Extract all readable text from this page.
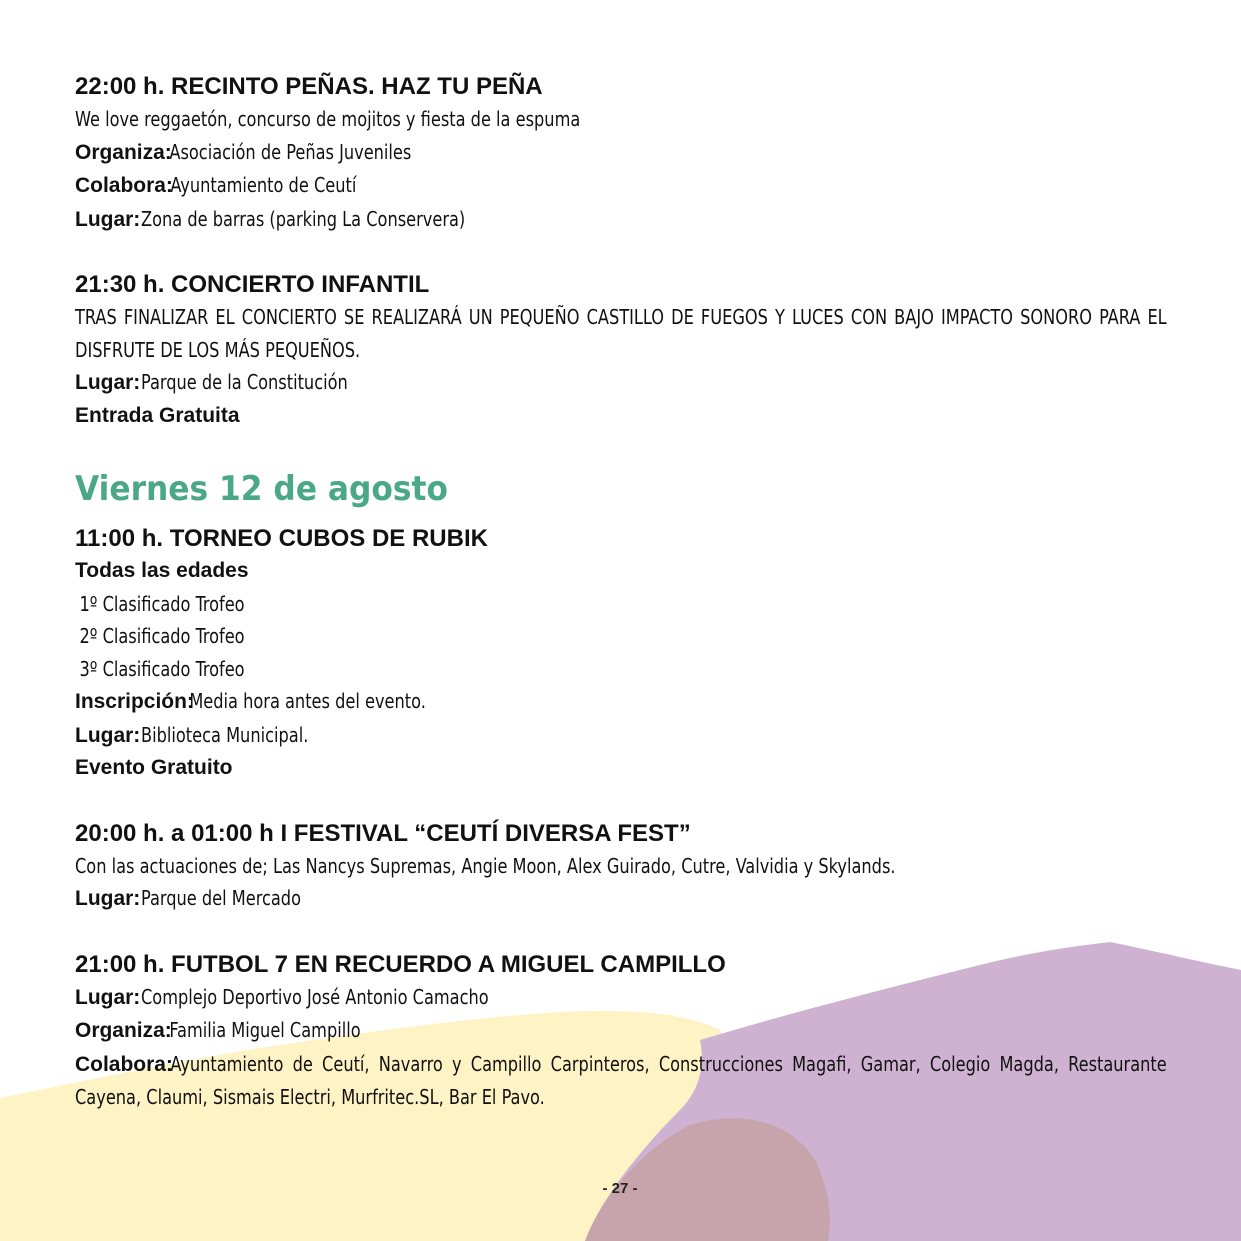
22:00 h. RECINTO PEÑAS. HAZ TU PEÑA

We love reggaetón, concurso de mojitos y fiesta de la espuma

Organiza:Asociación de Peñas Juveniles

Colabora:Ayuntamiento de Ceutí

Lugar:Zona de barras (parking La Conservera)

21:30 h. CONCIERTO INFANTIL

TRAS FINALIZAR EL CONCIERTO SE REALIZARÁ UN PEQUEÑO CASTILLO DE FUEGOS Y LUCES CON BAJO IMPACTO SONORO PARA EL DISFRUTE DE LOS MÁS PEQUEÑOS.

Lugar:Parque de la Constitución

Entrada Gratuita

Viernes 12 de agosto

11:00 h. TORNEO CUBOS DE RUBIK

Todas las edades

1º Clasificado Trofeo

2º Clasificado Trofeo

3º Clasificado Trofeo

Inscripción:Media hora antes del evento.

Lugar:Biblioteca Municipal.

Evento Gratuito

20:00 h. a 01:00 h I FESTIVAL “CEUTÍ DIVERSA FEST”

Con las actuaciones de; Las Nancys Supremas, Angie Moon, Alex Guirado, Cutre, Valvidia y Skylands.

Lugar:Parque del Mercado

21:00 h. FUTBOL 7 EN RECUERDO A MIGUEL CAMPILLO

Lugar:Complejo Deportivo José Antonio Camacho

Organiza:Familia Miguel Campillo

Colabora:Ayuntamiento de Ceutí, Navarro y Campillo Carpinteros, Construcciones Magafi, Gamar, Colegio Magda, Restaurante Cayena, Claumi, Sismais Electri, Murfritec.SL, Bar El Pavo.

- 27 -
